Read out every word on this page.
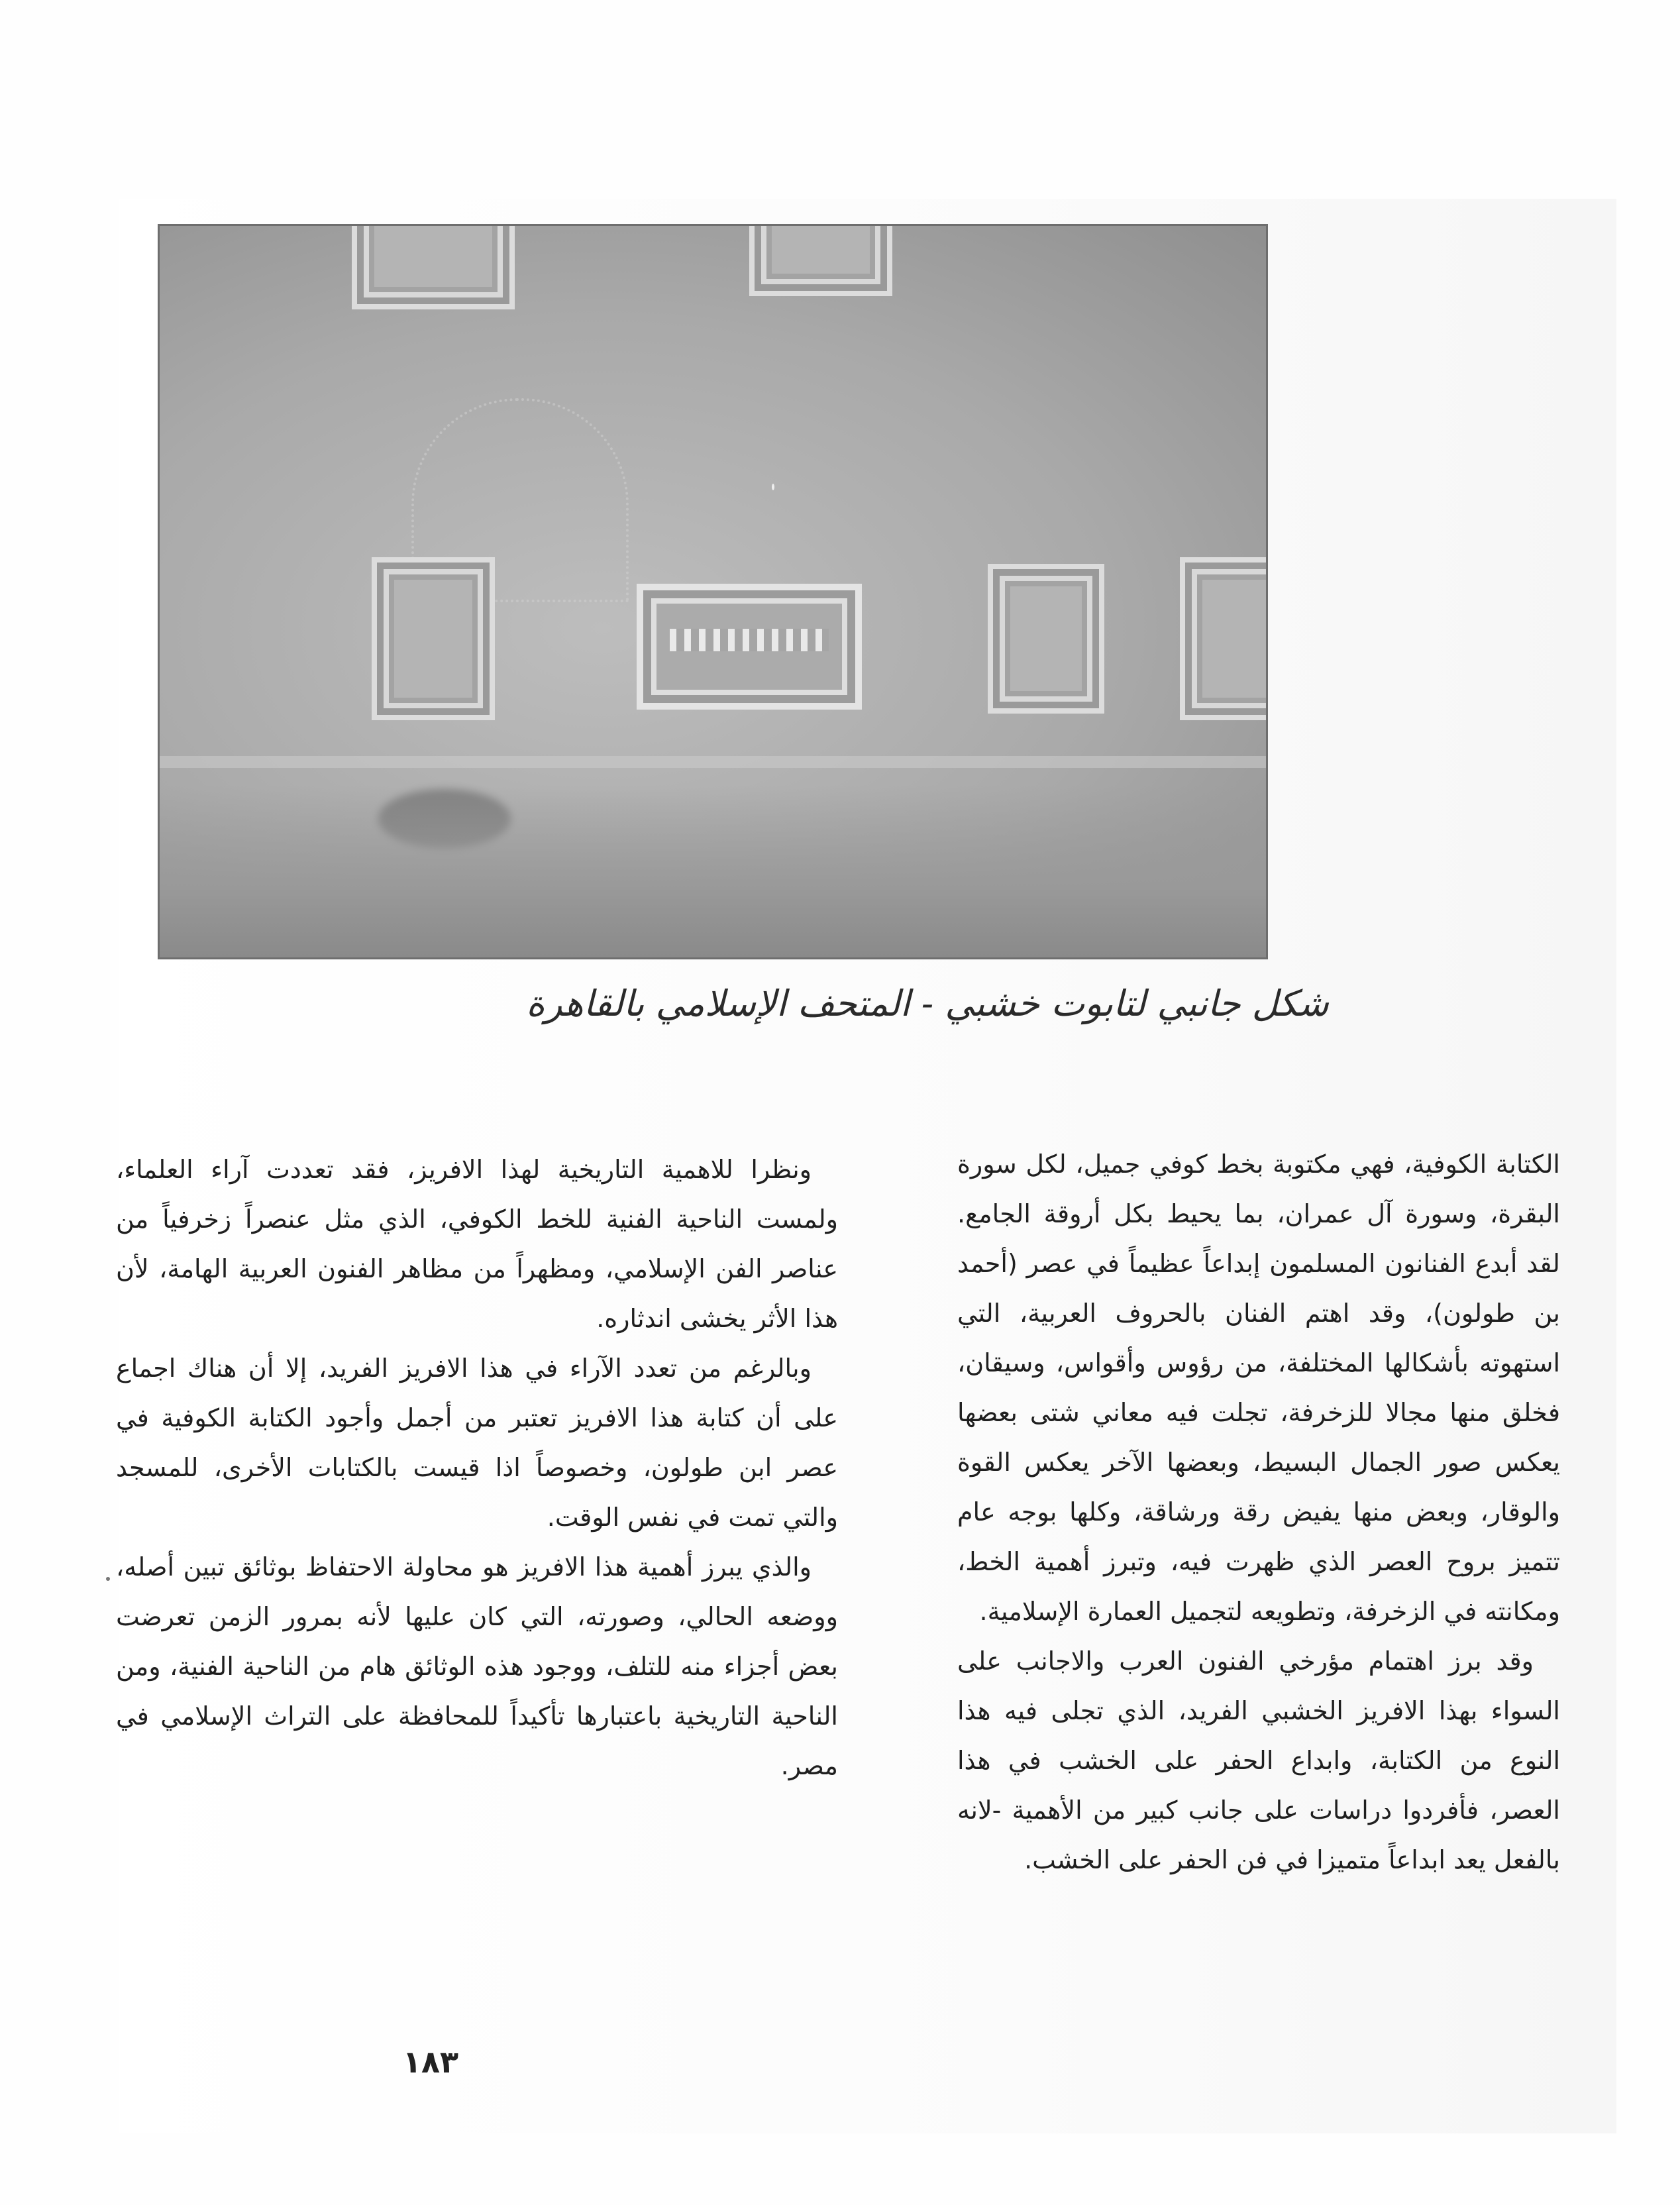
شكل جانبي لتابوت خشبي - المتحف الإسلامي بالقاهرة

الكتابة الكوفية، فهي مكتوبة بخط كوفي جميل، لكل سورة البقرة، وسورة آل عمران، بما يحيط بكل أروقة الجامع. لقد أبدع الفنانون المسلمون إبداعاً عظيماً في عصر (أحمد بن طولون)، وقد اهتم الفنان بالحروف العربية، التي استهوته بأشكالها المختلفة، من رؤوس وأقواس، وسيقان، فخلق منها مجالا للزخرفة، تجلت فيه معاني شتى بعضها يعكس صور الجمال البسيط، وبعضها الآخر يعكس القوة والوقار، وبعض منها يفيض رقة ورشاقة، وكلها بوجه عام تتميز بروح العصر الذي ظهرت فيه، وتبرز أهمية الخط، ومكانته في الزخرفة، وتطويعه لتجميل العمارة الإسلامية.

وقد برز اهتمام مؤرخي الفنون العرب والاجانب على السواء بهذا الافريز الخشبي الفريد، الذي تجلى فيه هذا النوع من الكتابة، وابداع الحفر على الخشب في هذا العصر، فأفردوا دراسات على جانب كبير من الأهمية -لانه بالفعل يعد ابداعاً متميزا في فن الحفر على الخشب.

ونظرا للاهمية التاريخية لهذا الافريز، فقد تعددت آراء العلماء، ولمست الناحية الفنية للخط الكوفي، الذي مثل عنصراً زخرفياً من عناصر الفن الإسلامي، ومظهراً من مظاهر الفنون العربية الهامة، لأن هذا الأثر يخشى اندثاره.

وبالرغم من تعدد الآراء في هذا الافريز الفريد، إلا أن هناك اجماع على أن كتابة هذا الافريز تعتبر من أجمل وأجود الكتابة الكوفية في عصر ابن طولون، وخصوصاً اذا قيست بالكتابات الأخرى، للمسجد والتي تمت في نفس الوقت.

والذي يبرز أهمية هذا الافريز هو محاولة الاحتفاظ بوثائق تبين أصله، ووضعه الحالي، وصورته، التي كان عليها لأنه بمرور الزمن تعرضت بعض أجزاء منه للتلف، ووجود هذه الوثائق هام من الناحية الفنية، ومن الناحية التاريخية باعتبارها تأكيداً للمحافظة على التراث الإسلامي في مصر.

١٨٣
